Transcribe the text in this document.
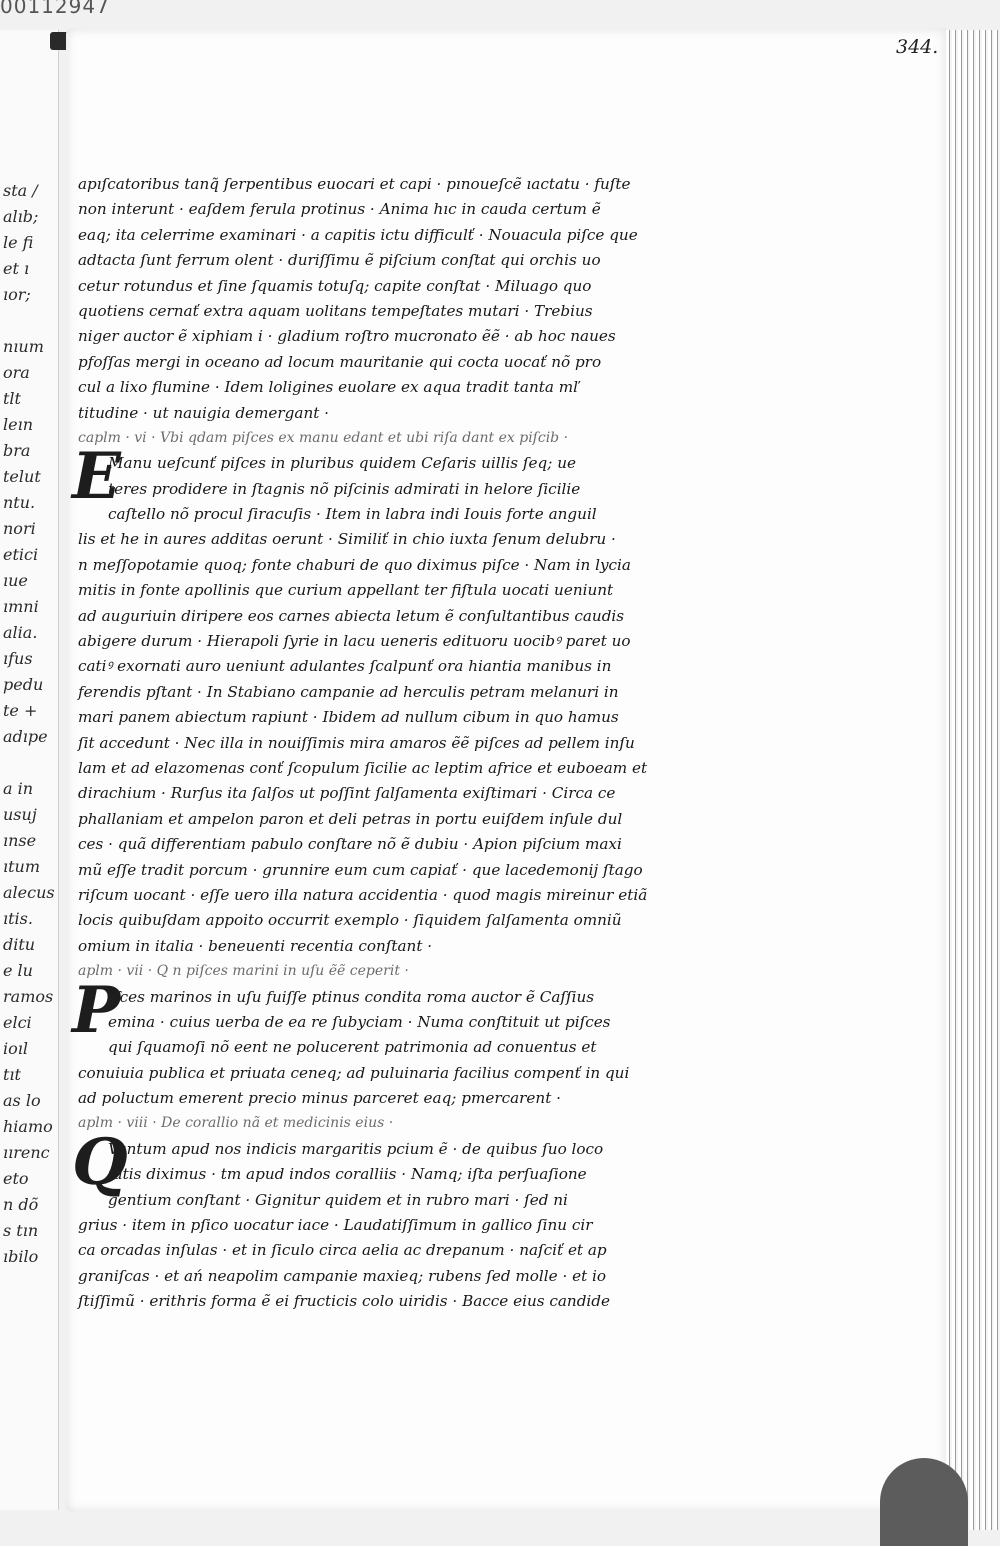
sta /
alıb;
le fi
et ı
ıor;
nıum
ora
tlt
leın
bra
telut
ntu.
nori
etici
ıue
ımni
alia.
ıfus
pedu
te +
adıpe
a in
usuj
ınse
ıtum
alecus
ıtis.
ditu
e lu
ramos
elci
ioıl
tıt
as lo
hiamo
ıırenc
eto
n dõ
s tın
ıbilo
00112947
344.
apıſcatoribus tanq̃ ſerpentibus euocari et capi · pınoueſcẽ ıactatu · fuſte
non interunt · eaſdem ferula protinus · Anima hıc in cauda certum ẽ
eaq; ita celerrime examinari · a capitis ictu difficulť · Nouacula piſce que
adtacta ſunt ferrum olent · duriſſimu ẽ piſcium conſtat qui orchis uo
cetur rotundus et ſine ſquamis totuſq; capite conſtat · Miluago quo
quotiens cernať extra aquam uolitans tempeſtates mutari · Trebius
niger auctor ẽ xiphiam i · gladium roſtro mucronato ẽẽ · ab hoc naues
pfoſſas mergi in oceano ad locum mauritanie qui cocta uocať nõ pro
cul a lixo flumine · Idem loligines euolare ex aqua tradit tanta mľ
titudine · ut nauigia demergant ·
caplm · vi · Vbi qdam piſces ex manu edant et ubi riſa dant ex piſcib ·
E
Manu ueſcunť piſces in pluribus quidem Ceſaris uillis ſeq; ue
teres prodidere in ſtagnis nõ piſcinis admirati in helore ſicilie
caſtello nõ procul ſiracuſis · Item in labra indi Iouis forte anguil
lis et he in aures additas oerunt · Similiť in chio iuxta ſenum delubru ·
n meſſopotamie quoq; fonte chaburi de quo diximus piſce · Nam in lycia
mitis in fonte apollinis que curium appellant ter fiſtula uocati ueniunt
ad auguriuin diripere eos carnes abiecta letum ẽ conſultantibus caudis
abigere durum · Hierapoli ſyrie in lacu ueneris edituoru uocibꝰ paret uo
catiꝰ exornati auro ueniunt adulantes ſcalpunť ora hiantia manibus in
ferendis pſtant · In Stabiano campanie ad herculis petram melanuri in
mari panem abiectum rapiunt · Ibidem ad nullum cibum in quo hamus
ſit accedunt · Nec illa in nouiſſimis mira amaros ẽẽ piſces ad pellem inſu
lam et ad elazomenas conť ſcopulum ſicilie ac leptim africe et euboeam et
dirachium · Rurſus ita ſalſos ut poſſint ſalſamenta exiſtimari · Circa ce
phallaniam et ampelon paron et deli petras in portu euiſdem inſule dul
ces · quã differentiam pabulo conſtare nõ ẽ dubiu · Apion piſcium maxi
mũ eſſe tradit porcum · grunnire eum cum capiať · que lacedemonij ſtago
riſcum uocant · eſſe uero illa natura accidentia · quod magis mireinur etiã
locis quibuſdam appoito occurrit exemplo · ſiquidem ſalſamenta omniũ
omium in italia · beneuenti recentia conſtant ·
aplm · vii · Q n piſces marini in uſu ẽẽ ceperit ·
P
Iſces marinos in uſu fuiſſe ptinus condita roma auctor ẽ Caſſius
emina · cuius uerba de ea re ſubyciam · Numa conſtituit ut piſces
qui ſquamoſi nõ eent ne polucerent patrimonia ad conuentus et
conuiuia publica et priuata ceneq; ad puluinaria facilius compenť in qui
ad poluctum emerent precio minus parceret eaq; pmercarent ·
aplm · viii · De corallio nã et medicinis eius ·
Q
Vantum apud nos indicis margaritis pcium ẽ · de quibus ſuo loco
ſatis diximus · tm apud indos coralliis · Namq; iſta perſuaſione
gentium conſtant · Gignitur quidem et in rubro mari · ſed ni
grius · item in pſico uocatur iace · Laudatiſſimum in gallico ſinu cir
ca orcadas inſulas · et in ſiculo circa aelia ac drepanum · naſciť et ap
graniſcas · et ań neapolim campanie maxieq; rubens ſed molle · et io
ſtiſſimũ · erithris forma ẽ ei fructicis colo uiridis · Bacce eius candide
